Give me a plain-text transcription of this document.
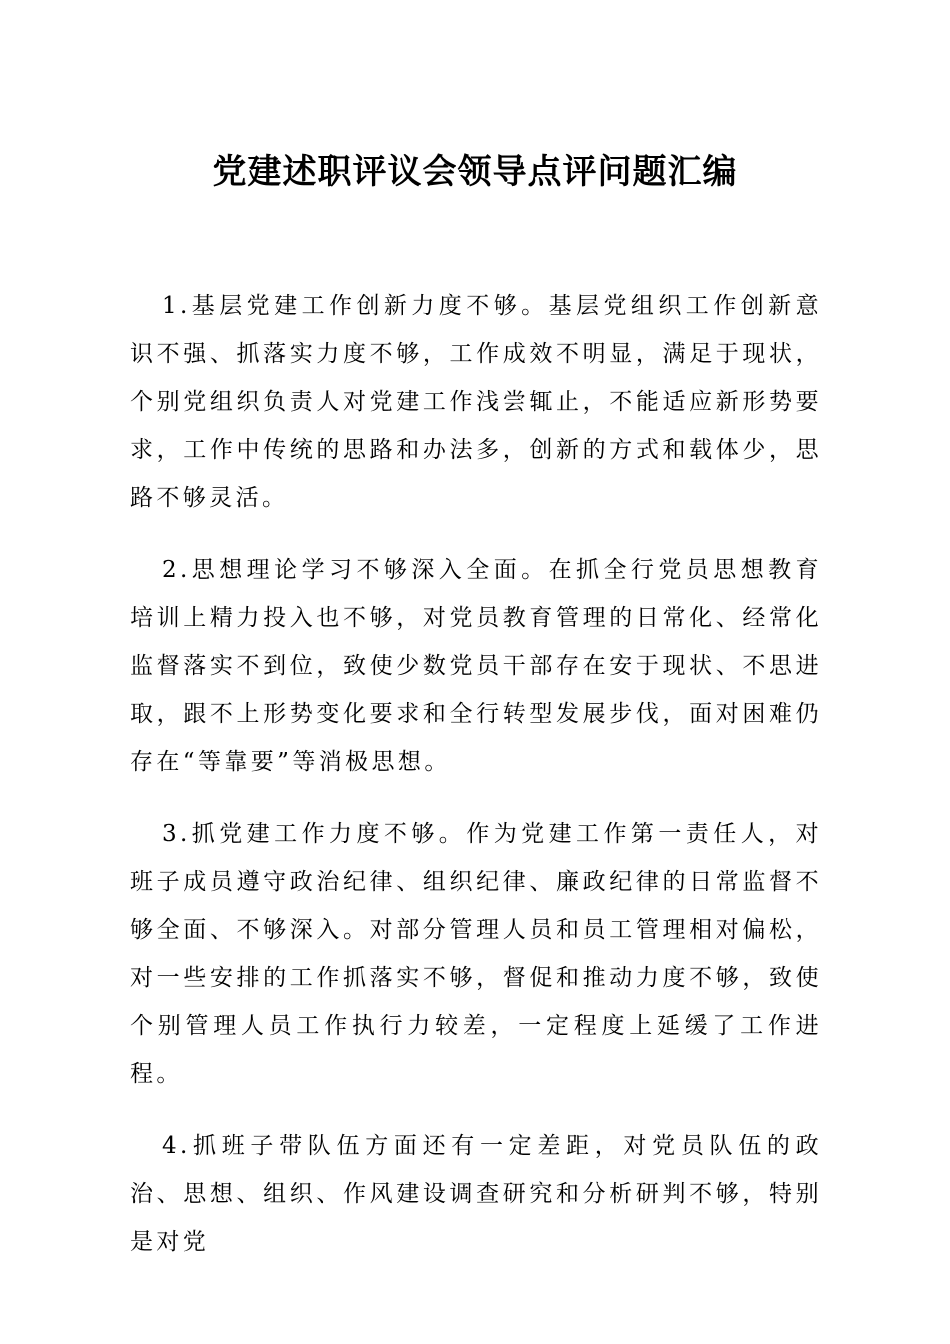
党建述职评议会领导点评问题汇编

1.基层党建工作创新力度不够。基层党组织工作创新意识不强、抓落实力度不够，工作成效不明显，满足于现状，个别党组织负责人对党建工作浅尝辄止，不能适应新形势要求，工作中传统的思路和办法多，创新的方式和载体少，思路不够灵活。

2.思想理论学习不够深入全面。在抓全行党员思想教育培训上精力投入也不够，对党员教育管理的日常化、经常化监督落实不到位，致使少数党员干部存在安于现状、不思进取，跟不上形势变化要求和全行转型发展步伐，面对困难仍存在“等靠要”等消极思想。

3.抓党建工作力度不够。作为党建工作第一责任人，对班子成员遵守政治纪律、组织纪律、廉政纪律的日常监督不够全面、不够深入。对部分管理人员和员工管理相对偏松，对一些安排的工作抓落实不够，督促和推动力度不够，致使个别管理人员工作执行力较差，一定程度上延缓了工作进程。

4.抓班子带队伍方面还有一定差距，对党员队伍的政治、思想、组织、作风建设调查研究和分析研判不够，特别是对党
